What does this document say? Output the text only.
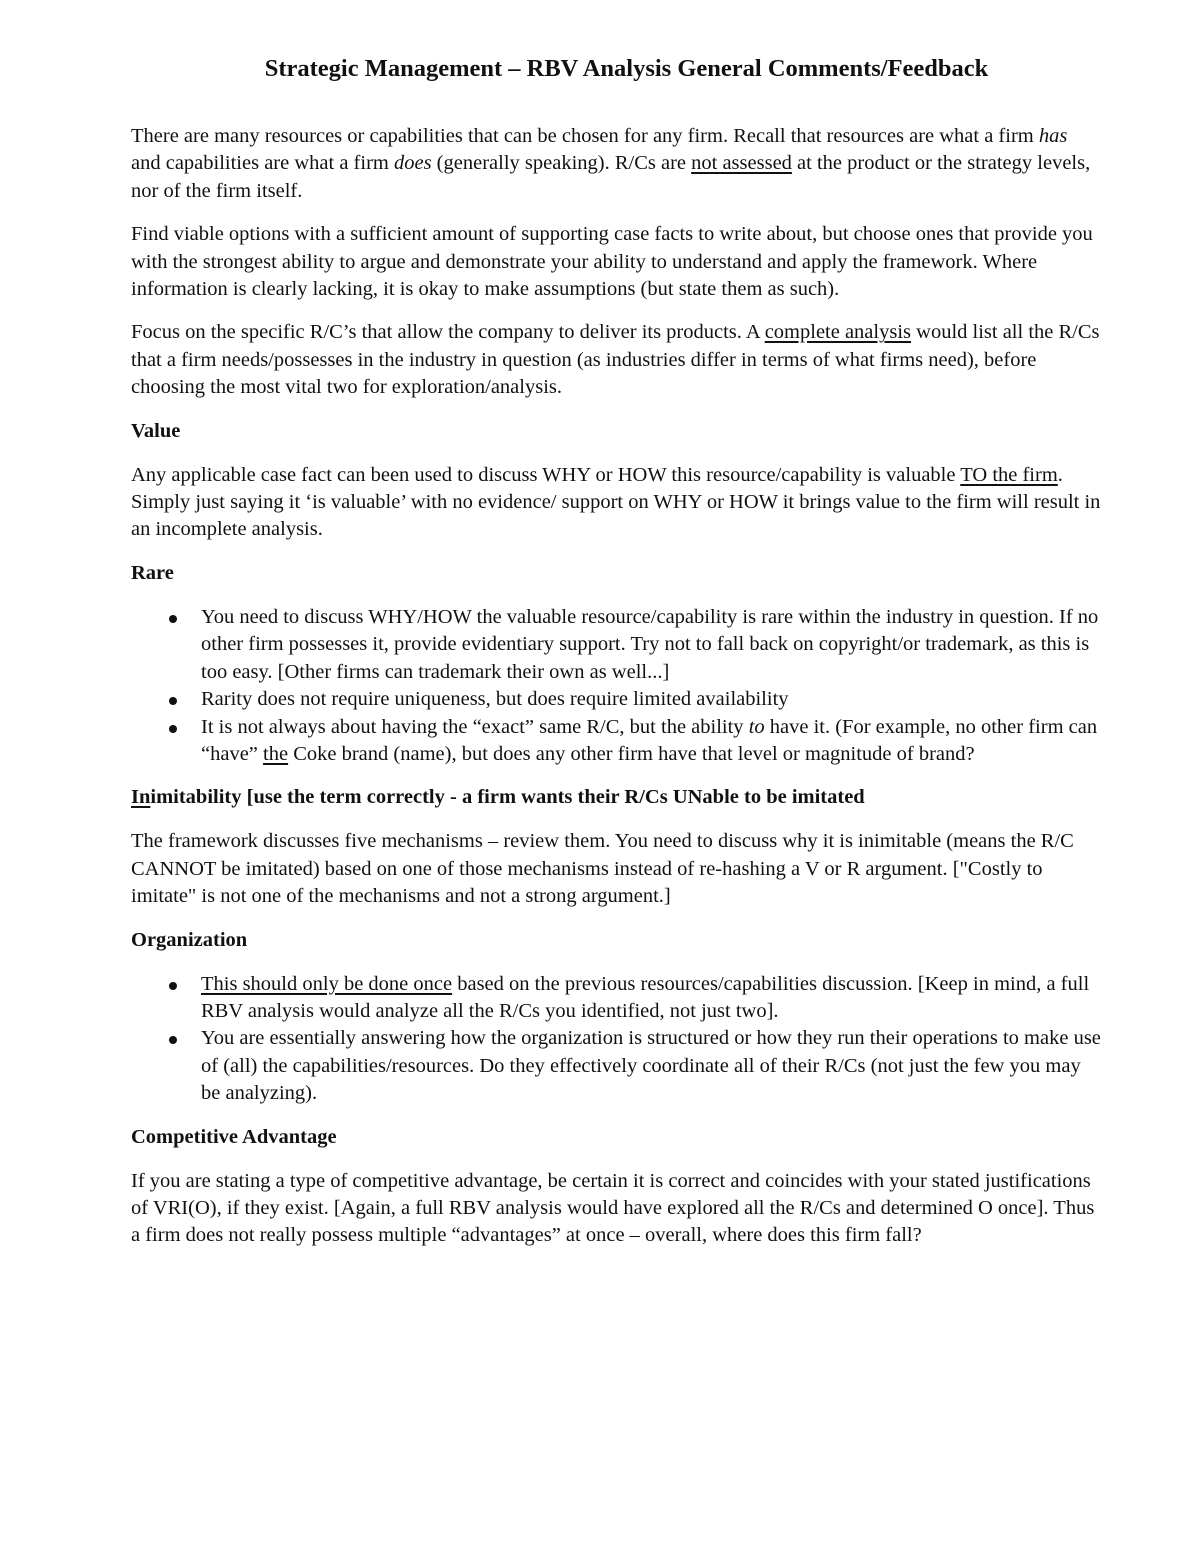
Strategic Management – RBV Analysis General Comments/Feedback

There are many resources or capabilities that can be chosen for any firm. Recall that resources are what a firm has and capabilities are what a firm does (generally speaking). R/Cs are not assessed at the product or the strategy levels, nor of the firm itself.

Find viable options with a sufficient amount of supporting case facts to write about, but choose ones that provide you with the strongest ability to argue and demonstrate your ability to understand and apply the framework. Where information is clearly lacking, it is okay to make assumptions (but state them as such).

Focus on the specific R/C’s that allow the company to deliver its products. A complete analysis would list all the R/Cs that a firm needs/possesses in the industry in question (as industries differ in terms of what firms need), before choosing the most vital two for exploration/analysis.

Value

Any applicable case fact can been used to discuss WHY or HOW this resource/capability is valuable TO the firm. Simply just saying it ‘is valuable’ with no evidence/ support on WHY or HOW it brings value to the firm will result in an incomplete analysis.

Rare
You need to discuss WHY/HOW the valuable resource/capability is rare within the industry in question. If no other firm possesses it, provide evidentiary support. Try not to fall back on copyright/or trademark, as this is too easy. [Other firms can trademark their own as well...]
Rarity does not require uniqueness, but does require limited availability
It is not always about having the “exact” same R/C, but the ability to have it. (For example, no other firm can “have” the Coke brand (name), but does any other firm have that level or magnitude of brand?
Inimitability [use the term correctly - a firm wants their R/Cs UNable to be imitated

The framework discusses five mechanisms – review them. You need to discuss why it is inimitable (means the R/C CANNOT be imitated) based on one of those mechanisms instead of re-hashing a V or R argument. ["Costly to imitate" is not one of the mechanisms and not a strong argument.]

Organization
This should only be done once based on the previous resources/capabilities discussion. [Keep in mind, a full RBV analysis would analyze all the R/Cs you identified, not just two].
You are essentially answering how the organization is structured or how they run their operations to make use of (all) the capabilities/resources. Do they effectively coordinate all of their R/Cs (not just the few you may be analyzing).
Competitive Advantage

If you are stating a type of competitive advantage, be certain it is correct and coincides with your stated justifications of VRI(O), if they exist. [Again, a full RBV analysis would have explored all the R/Cs and determined O once]. Thus a firm does not really possess multiple “advantages” at once – overall, where does this firm fall?
